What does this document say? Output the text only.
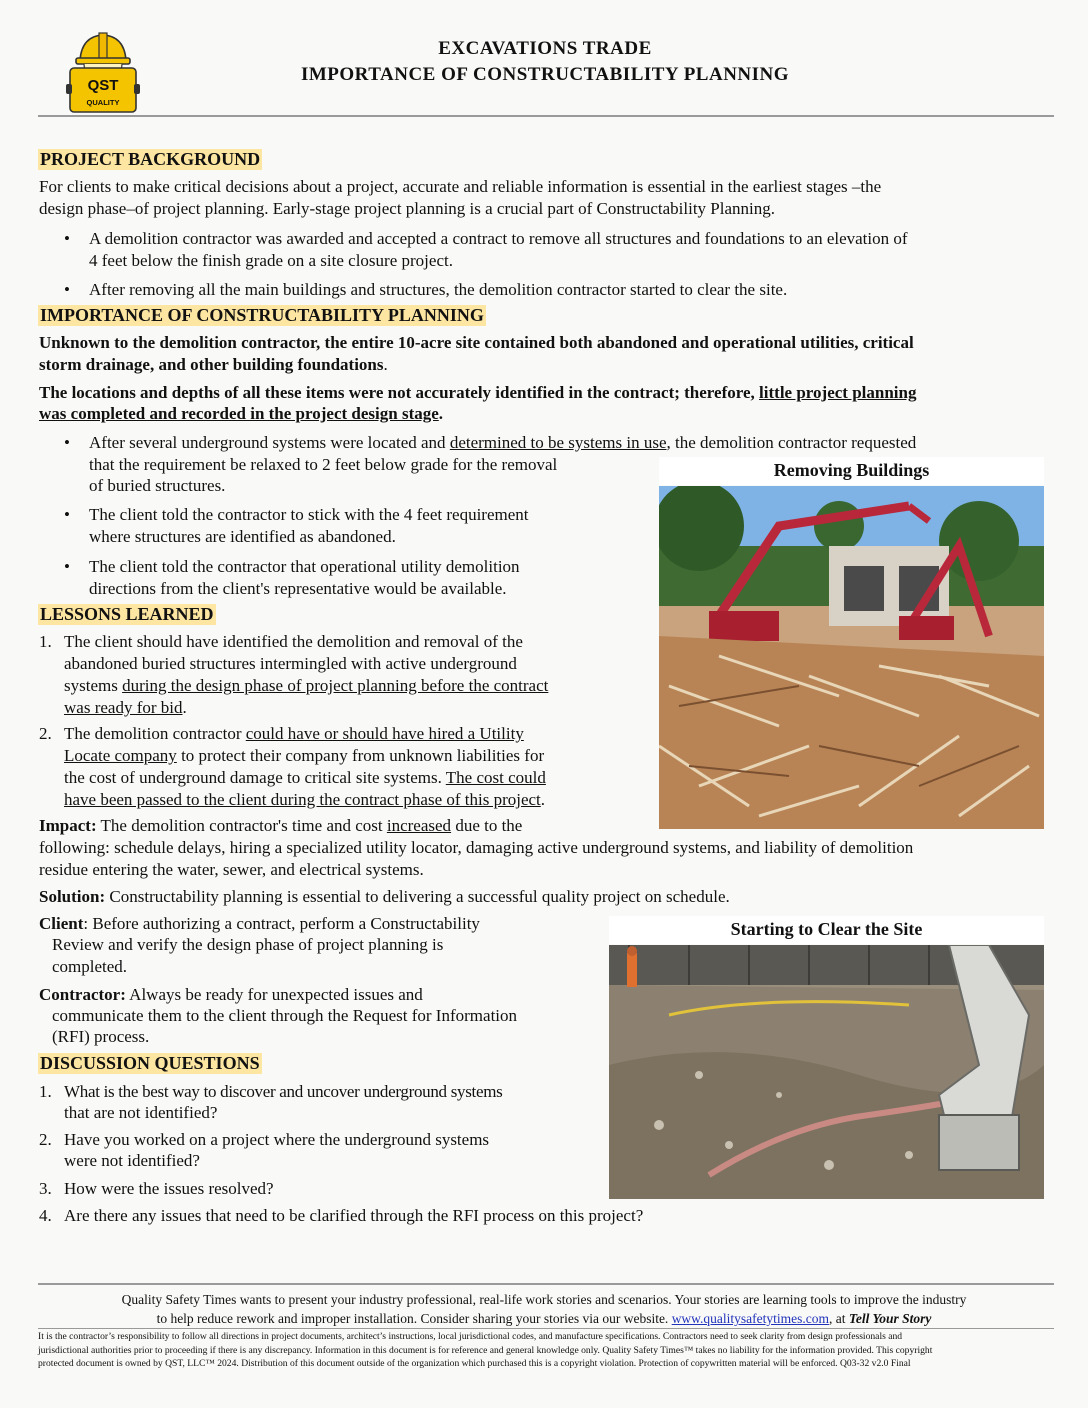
QST
QUALITY
EXCAVATIONS TRADE
IMPORTANCE OF CONSTRUCTABILITY PLANNING
PROJECT BACKGROUND
For clients to make critical decisions about a project, accurate and reliable information is essential in the earliest stages –the
design phase–of project planning. Early-stage project planning is a crucial part of Constructability Planning.
• A demolition contractor was awarded and accepted a contract to remove all structures and foundations to an elevation of
4 feet below the finish grade on a site closure project.
• After removing all the main buildings and structures, the demolition contractor started to clear the site.
IMPORTANCE OF CONSTRUCTABILITY PLANNING
Unknown to the demolition contractor, the entire 10-acre site contained both abandoned and operational utilities, critical
storm drainage, and other building foundations.
The locations and depths of all these items were not accurately identified in the contract; therefore, little project planning
was completed and recorded in the project design stage.
• After several underground systems were located and determined to be systems in use, the demolition contractor requested
that the requirement be relaxed to 2 feet below grade for the removal
of buried structures.
• The client told the contractor to stick with the 4 feet requirement
where structures are identified as abandoned.
• The client told the contractor that operational utility demolition
directions from the client's representative would be available.
Removing Buildings
LESSONS LEARNED
1. The client should have identified the demolition and removal of the
abandoned buried structures intermingled with active underground
systems during the design phase of project planning before the contract
was ready for bid.
2. The demolition contractor could have or should have hired a Utility
Locate company to protect their company from unknown liabilities for
the cost of underground damage to critical site systems. The cost could
have been passed to the client during the contract phase of this project.
Impact: The demolition contractor's time and cost increased due to the
following: schedule delays, hiring a specialized utility locator, damaging active underground systems, and liability of demolition
residue entering the water, sewer, and electrical systems.
Solution: Constructability planning is essential to delivering a successful quality project on schedule.
Client: Before authorizing a contract, perform a Constructability
Review and verify the design phase of project planning is
completed.
Contractor: Always be ready for unexpected issues and
communicate them to the client through the Request for Information
(RFI) process.
Starting to Clear the Site
DISCUSSION QUESTIONS
1. What is the best way to discover and uncover underground systems
that are not identified?
2. Have you worked on a project where the underground systems
were not identified?
3. How were the issues resolved?
4. Are there any issues that need to be clarified through the RFI process on this project?
Quality Safety Times wants to present your industry professional, real-life work stories and scenarios. Your stories are learning tools to improve the industry
to help reduce rework and improper installation. Consider sharing your stories via our website. www.qualitysafetytimes.com, at Tell Your Story
It is the contractor’s responsibility to follow all directions in project documents, architect’s instructions, local jurisdictional codes, and manufacture specifications. Contractors need to seek clarity from design professionals and
jurisdictional authorities prior to proceeding if there is any discrepancy. Information in this document is for reference and general knowledge only. Quality Safety Times™ takes no liability for the information provided. This copyright
protected document is owned by QST, LLC™ 2024. Distribution of this document outside of the organization which purchased this is a copyright violation. Protection of copywritten material will be enforced. Q03-32 v2.0 Final
